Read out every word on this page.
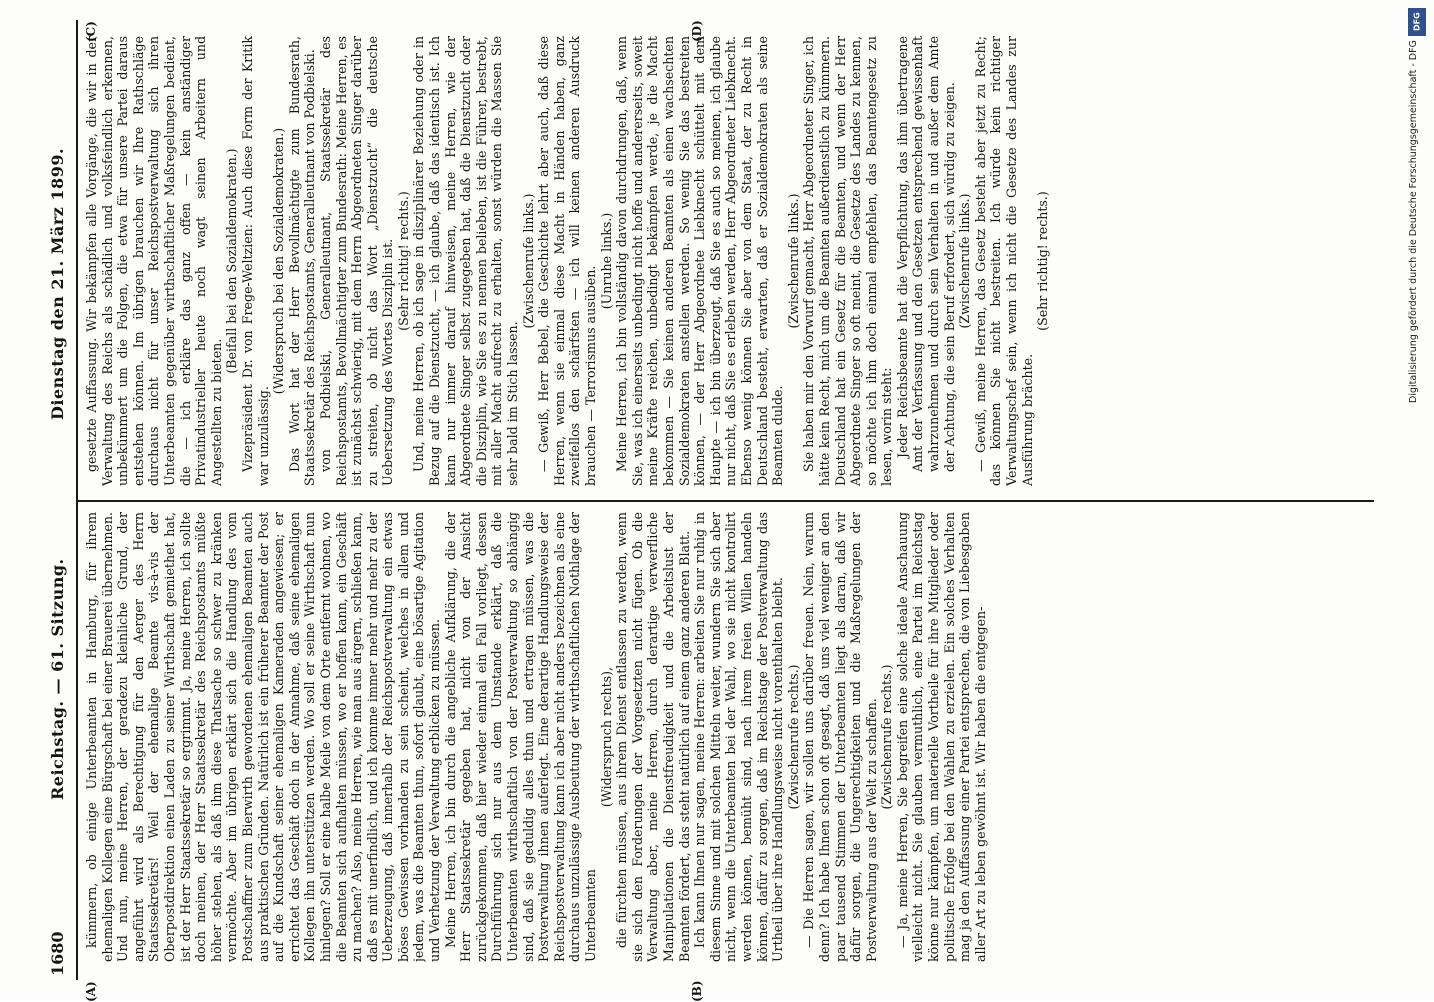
1680
Reichstag. — 61. Sitzung.
Dienstag den 21. März 1899.
(A)	(B)
(C)	(D)

kümmern, ob einige Unterbeamten in Hamburg, für ihrem ehemaligen Kollegen eine Bürgschaft bei einer Brauerei übernehmen. Und nun, meine Herren, der geradezu kleinliche Grund, der angeführt wird als Berechtigung für den Aerger des Herrn Staatssekretärs! Weil der ehemalige Beamte vis-à-vis der Oberpostdirektion einen Laden zu seiner Wirthschaft gemiethet hat, ist der Herr Staatssekretär so ergrimmt. Ja, meine Herren, ich sollte doch meinen, der Herr Staatssekretär des Reichspostamts müßte höher stehen, als daß ihm diese Thatsache so schwer zu kränken vermöchte. Aber im übrigen erklärt sich die Handlung des vom Postschaffner zum Bierwirth gewordenen ehemaligen Beamten auch aus praktischen Gründen. Natürlich ist ein früherer Beamter der Post auf die Kundschaft seiner ehemaligen Kameraden angewiesen; er errichtet das Geschäft doch in der Annahme, daß seine ehemaligen Kollegen ihn unterstützen werden. Wo soll er seine Wirthschaft nun hinlegen? Soll er eine halbe Meile von dem Orte entfernt wohnen, wo die Beamten sich aufhalten müssen, wo er hoffen kann, ein Geschäft zu machen? Also, meine Herren, wie man aus ärgern, schließen kann, daß es mit unerfindlich, und ich komme immer mehr und mehr zu der Ueberzeugung, daß innerhalb der Reichspostverwaltung ein etwas böses Gewissen vorhanden zu sein scheint, welches in allem und jedem, was die Beamten thun, sofort glaubt, eine bösartige Agitation und Verhetzung der Verwaltung erblicken zu müssen. Meine Herren, ich bin durch die angebliche Aufklärung, die der Herr Staatssekretär gegeben hat, nicht von der Ansicht zurückgekommen, daß hier wieder einmal ein Fall vorliegt, dessen Durchführung sich nur aus dem Umstande erklärt, daß die Unterbeamten wirthschaftlich von der Postverwaltung so abhängig sind, daß sie geduldig alles thun und ertragen müssen, was die Postverwaltung ihnen auferlegt. Eine derartige Handlungsweise der Reichspostverwaltung kann ich aber nicht anders bezeichnen als eine durchaus unzulässige Ausbeutung der wirthschaftlichen Nothlage der Unterbeamten

(Widerspruch rechts), die fürchten müssen, aus ihrem Dienst entlassen zu werden, wenn sie sich den Forderungen der Vorgesetzten nicht fügen. Ob die Verwaltung aber, meine Herren, durch derartige verwerfliche Manipulationen die Dienstfreudigkeit und die Arbeitslust der Beamten fördert, das steht natürlich auf einem ganz anderen Blatt. Ich kann Ihnen nur sagen, meine Herren: arbeiten Sie nur ruhig in diesem Sinne und mit solchen Mitteln weiter, wundern Sie sich aber nicht, wenn die Unterbeamten bei der Wahl, wo sie nicht kontrolirt werden können, bemüht sind, nach ihrem freien Willen handeln können, dafür zu sorgen, daß im Reichstage der Postverwaltung das Urtheil über ihre Handlungsweise nicht vorenthalten bleibt. (Zwischenrufe rechts.) — Die Herren sagen, wir sollen uns darüber freuen. Nein, warum denn? Ich habe Ihnen schon oft gesagt, daß uns viel weniger an den paar tausend Stimmen der Unterbeamten liegt als daran, daß wir dafür sorgen, die Ungerechtigkeiten und die Maßregelungen der Postverwaltung aus der Welt zu schaffen. (Zwischenrufe rechts.) — Ja, meine Herren, Sie begreifen eine solche ideale Anschauung vielleicht nicht. Sie glauben vermuthlich, eine Partei im Reichstag könne nur kämpfen, um materielle Vortheile für ihre Mitglieder oder politische Erfolge bei den Wahlen zu erzielen. Ein solches Verhalten mag ja den Auffassung einer Partei entsprechen, die von Liebesgaben aller Art zu leben gewöhnt ist. Wir haben die entgegen-

gesetzte Auffassung. Wir bekämpfen alle Vorgänge, die wir in der Verwaltung des Reichs als schädlich und volksfeindlich erkennen, unbekümmert um die Folgen, die etwa für unsere Partei daraus entstehen können. Im übrigen brauchen wir Ihre Rathschläge durchaus nicht für unser Reichspostverwaltung sich ihren Unterbeamten gegenüber wirthschaftlicher Maßregelungen bedient, die — ich erkläre das ganz offen — kein anständiger Privatindustrieller heute noch wagt seinen Arbeitern und Angestellten zu bieten.

(Beifall bei den Sozialdemokraten.) Vizepräsident Dr. von Frege-Weltzien: Auch diese Form der Kritik war unzulässig.

(Widerspruch bei den Sozialdemokraten.) Das Wort hat der Herr Bevollmächtigte zum Bundesrath, Staatssekretär des Reichspostamts, Generalleutnant von Podbielski. von Podbielski, Generalleutnant, Staatssekretär des Reichspostamts, Bevollmächtigter zum Bundesrath: Meine Herren, es ist zunächst schwierig, mit dem Herrn Abgeordneten Singer darüber zu streiten, ob nicht das Wort „Dienstzucht“ die deutsche Uebersetzung des Wortes Disziplin ist. (Sehr richtig! rechts.) Und, meine Herren, ob ich sage in disziplinärer Beziehung oder in Bezug auf die Dienstzucht, — ich glaube, daß das identisch ist. Ich kann nur immer darauf hinweisen, meine Herren, wie der Abgeordnete Singer selbst zugegeben hat, daß die Dienstzucht oder die Disziplin, wie Sie es zu nennen belieben, ist die Führer, bestrebt, mit aller Macht aufrecht zu erhalten, sonst würden die Massen Sie sehr bald im Stich lassen.

(Zwischenrufe links.) — Gewiß, Herr Bebel, die Geschichte lehrt aber auch, daß diese Herren, wenn sie einmal diese Macht in Händen haben, ganz zweifellos den schärfsten — ich will keinen anderen Ausdruck brauchen — Terrorismus ausüben.

(Unruhe links.) Meine Herren, ich bin vollständig davon durchdrungen, daß, wenn Sie, was ich einerseits unbedingt nicht hoffe und andererseits, soweit meine Kräfte reichen, unbedingt bekämpfen werde, je die Macht bekommen — Sie keinen anderen Beamten als einen wachsechten Sozialdemokraten anstellen werden. So wenig Sie das bestreiten können, — der Herr Abgeordnete Liebknecht schüttelt mit dem Haupte — ich bin überzeugt, daß Sie es auch so meinen, ich glaube nur nicht, daß Sie es erleben werden, Herr Abgeordneter Liebknecht. Ebenso wenig können Sie aber von dem Staat, der zu Recht in Deutschland besteht, erwarten, daß er Sozialdemokraten als seine Beamten dulde.

(Zwischenrufe links.) Sie haben mir den Vorwurf gemacht, Herr Abgeordneter Singer, ich hätte kein Recht, mich um die Beamten außerdienstlich zu kümmern. Deutschland hat ein Gesetz für die Beamten, und wenn der Herr Abgeordnete Singer so oft meint, die Gesetze des Landes zu kennen, so möchte ich ihm doch einmal empfehlen, das Beamtengesetz zu lesen, worin steht: Jeder Reichsbeamte hat die Verpflichtung, das ihm übertragene Amt der Verfassung und den Gesetzen entsprechend gewissenhaft wahrzunehmen und durch sein Verhalten in und außer dem Amte der Achtung, die sein Beruf erfordert, sich würdig zu zeigen. (Zwischenrufe links.) — Gewiß, meine Herren, das Gesetz besteht aber jetzt zu Recht; das können Sie nicht bestreiten. Ich würde kein richtiger Verwaltungschef sein, wenn ich nicht die Gesetze des Landes zur Ausführung brächte.

(Sehr richtig! rechts.)

DFG
Digitalisierung gefördert durch die Deutsche Forschungsgemeinschaft - DFG
